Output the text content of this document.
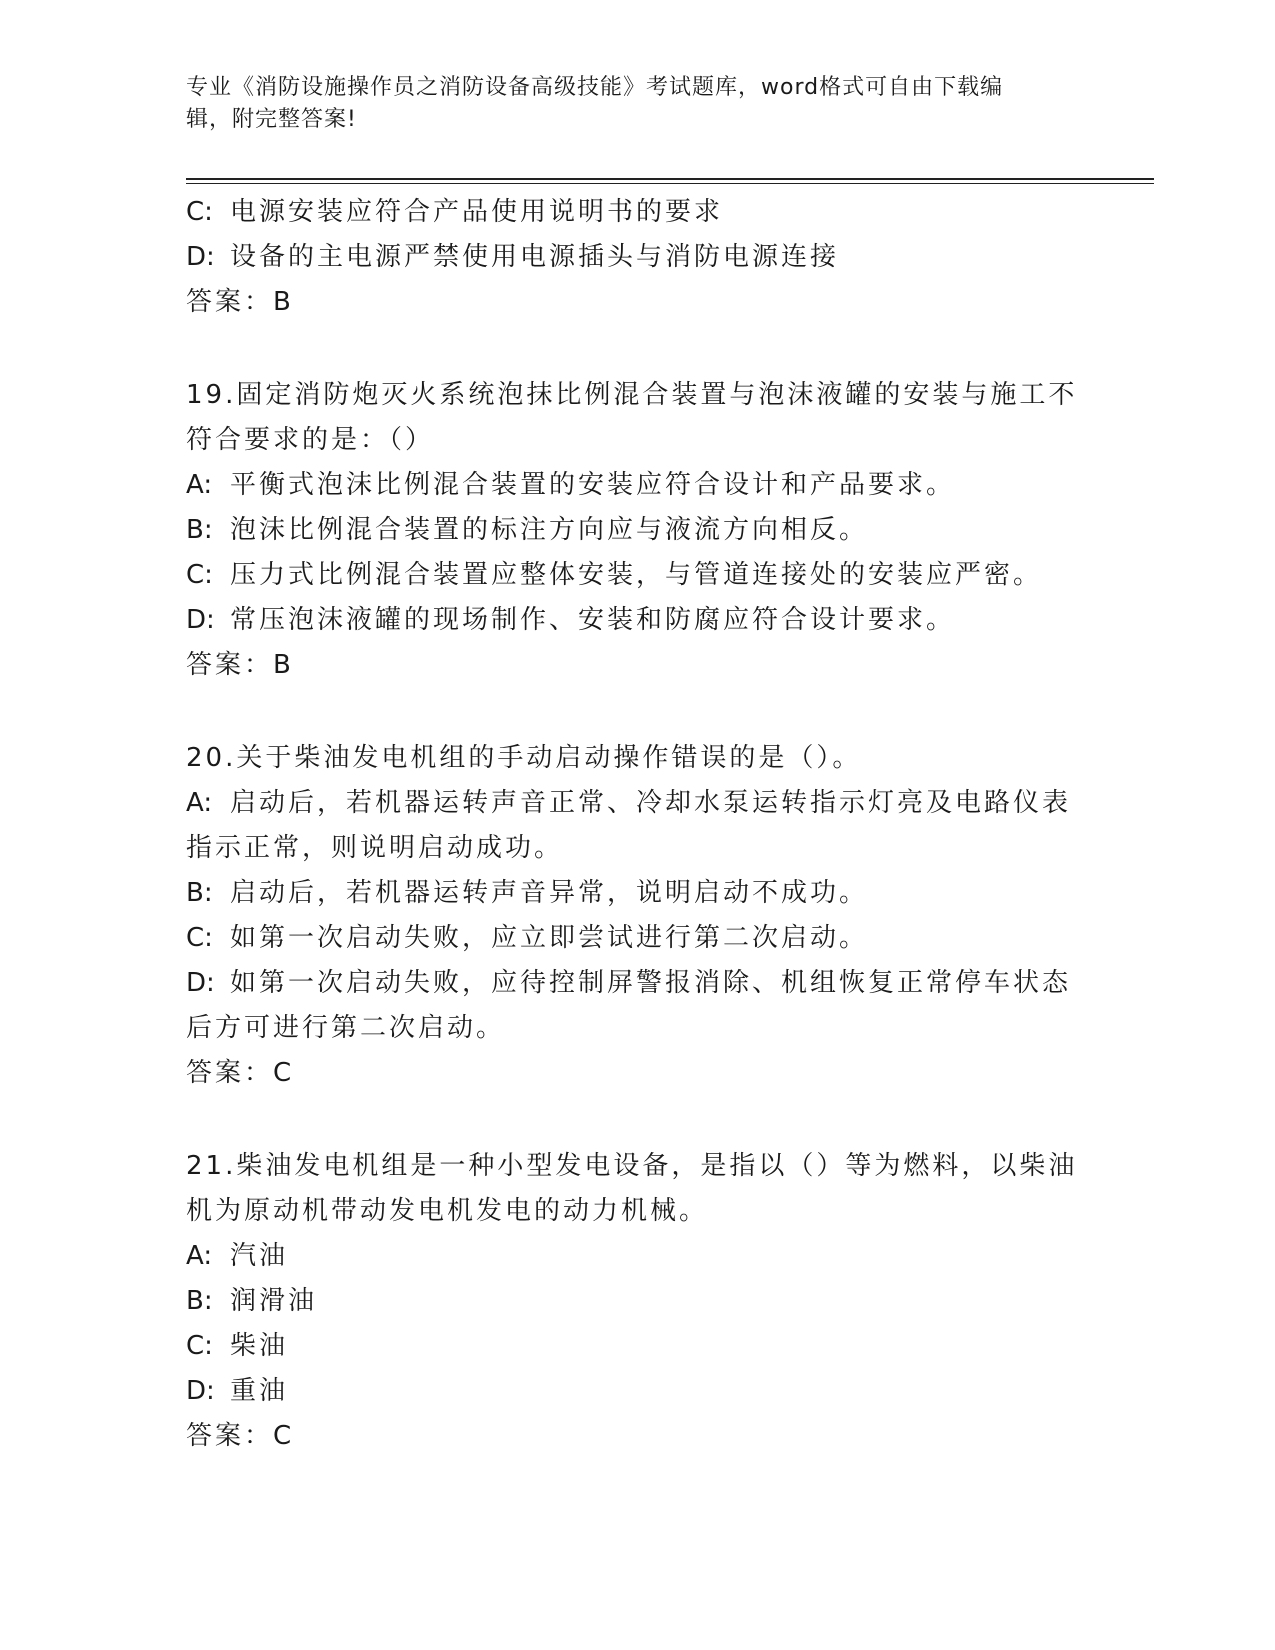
专业《消防设施操作员之消防设备高级技能》考试题库，word格式可自由下载编
辑，附完整答案!
C: 电源安装应符合产品使用说明书的要求
D: 设备的主电源严禁使用电源插头与消防电源连接
答案：B
19.固定消防炮灭火系统泡抹比例混合装置与泡沫液罐的安装与施工不
符合要求的是：（）
A: 平衡式泡沫比例混合装置的安装应符合设计和产品要求。
B: 泡沫比例混合装置的标注方向应与液流方向相反。
C: 压力式比例混合装置应整体安装，与管道连接处的安装应严密。
D: 常压泡沫液罐的现场制作、安装和防腐应符合设计要求。
答案：B
20.关于柴油发电机组的手动启动操作错误的是（）。
A: 启动后，若机器运转声音正常、冷却水泵运转指示灯亮及电路仪表
指示正常，则说明启动成功。
B: 启动后，若机器运转声音异常，说明启动不成功。
C: 如第一次启动失败，应立即尝试进行第二次启动。
D: 如第一次启动失败，应待控制屏警报消除、机组恢复正常停车状态
后方可进行第二次启动。
答案：C
21.柴油发电机组是一种小型发电设备，是指以（）等为燃料，以柴油
机为原动机带动发电机发电的动力机械。
A: 汽油
B: 润滑油
C: 柴油
D: 重油
答案：C
